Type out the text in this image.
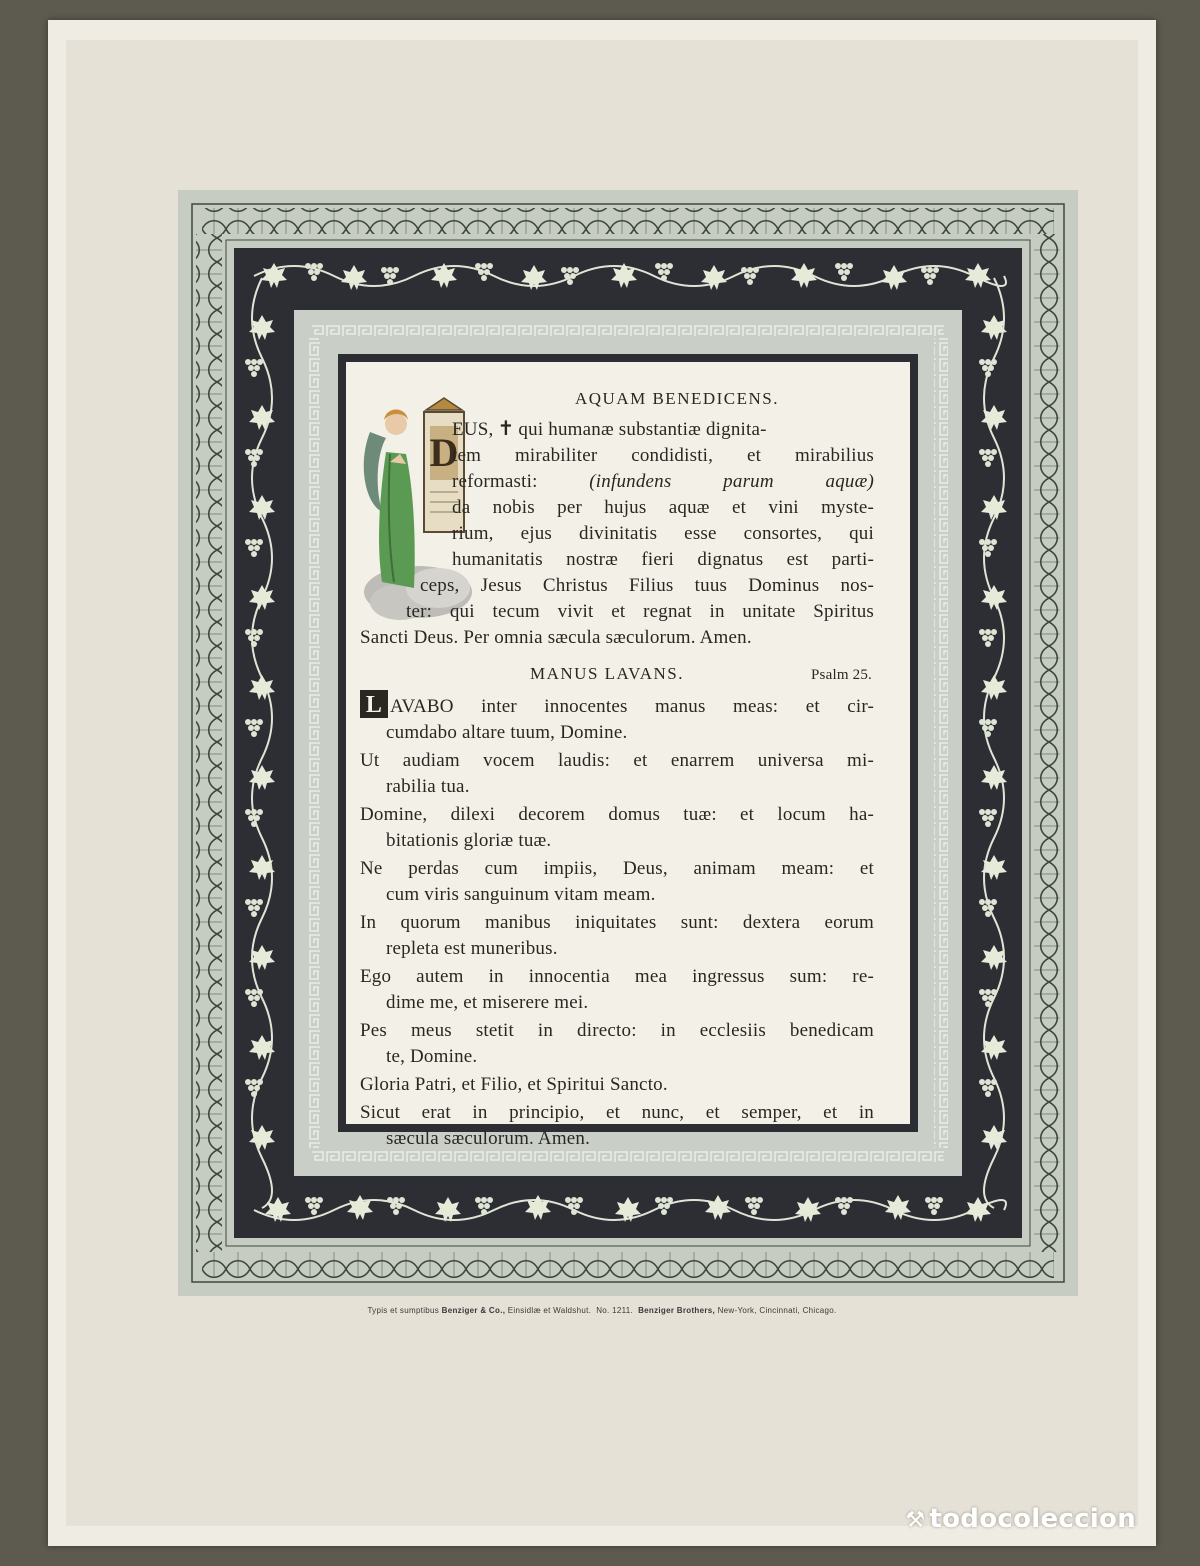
D
AQUAM BENEDICENS.
EUS, ✝ qui humanæ substantiæ dignita-
tem mirabiliter condidisti, et mirabilius
reformasti:	(infundens parum aquæ)
da nobis per hujus aquæ et vini myste-
rium, ejus divinitatis esse consortes, qui
humanitatis nostræ fieri dignatus est parti-
ceps, Jesus Christus Filius tuus Dominus nos-
ter: qui tecum vivit et regnat in unitate Spiritus
Sancti Deus. Per omnia sæcula sæculorum. Amen.
MANUS LAVANS.	Psalm 25.
L AVABO inter innocentes manus meas: et cir-
cumdabo altare tuum, Domine.
Ut audiam vocem laudis: et enarrem universa mi-
rabilia tua.
Domine, dilexi decorem domus tuæ: et locum ha-
bitationis gloriæ tuæ.
Ne perdas cum impiis, Deus, animam meam: et
cum viris sanguinum vitam meam.
In quorum manibus iniquitates sunt: dextera eorum
repleta est muneribus.
Ego autem in innocentia mea ingressus sum: re-
dime me, et miserere mei.
Pes meus stetit in directo: in ecclesiis benedicam
te, Domine.
Gloria Patri, et Filio, et Spiritui Sancto.
Sicut erat in principio, et nunc, et semper, et in
sæcula sæculorum. Amen.
Typis et sumptibus Benziger & Co., Einsidlæ et Waldshut. No. 1211. Benziger Brothers, New-York, Cincinnati, Chicago.
⚒ todocoleccion
